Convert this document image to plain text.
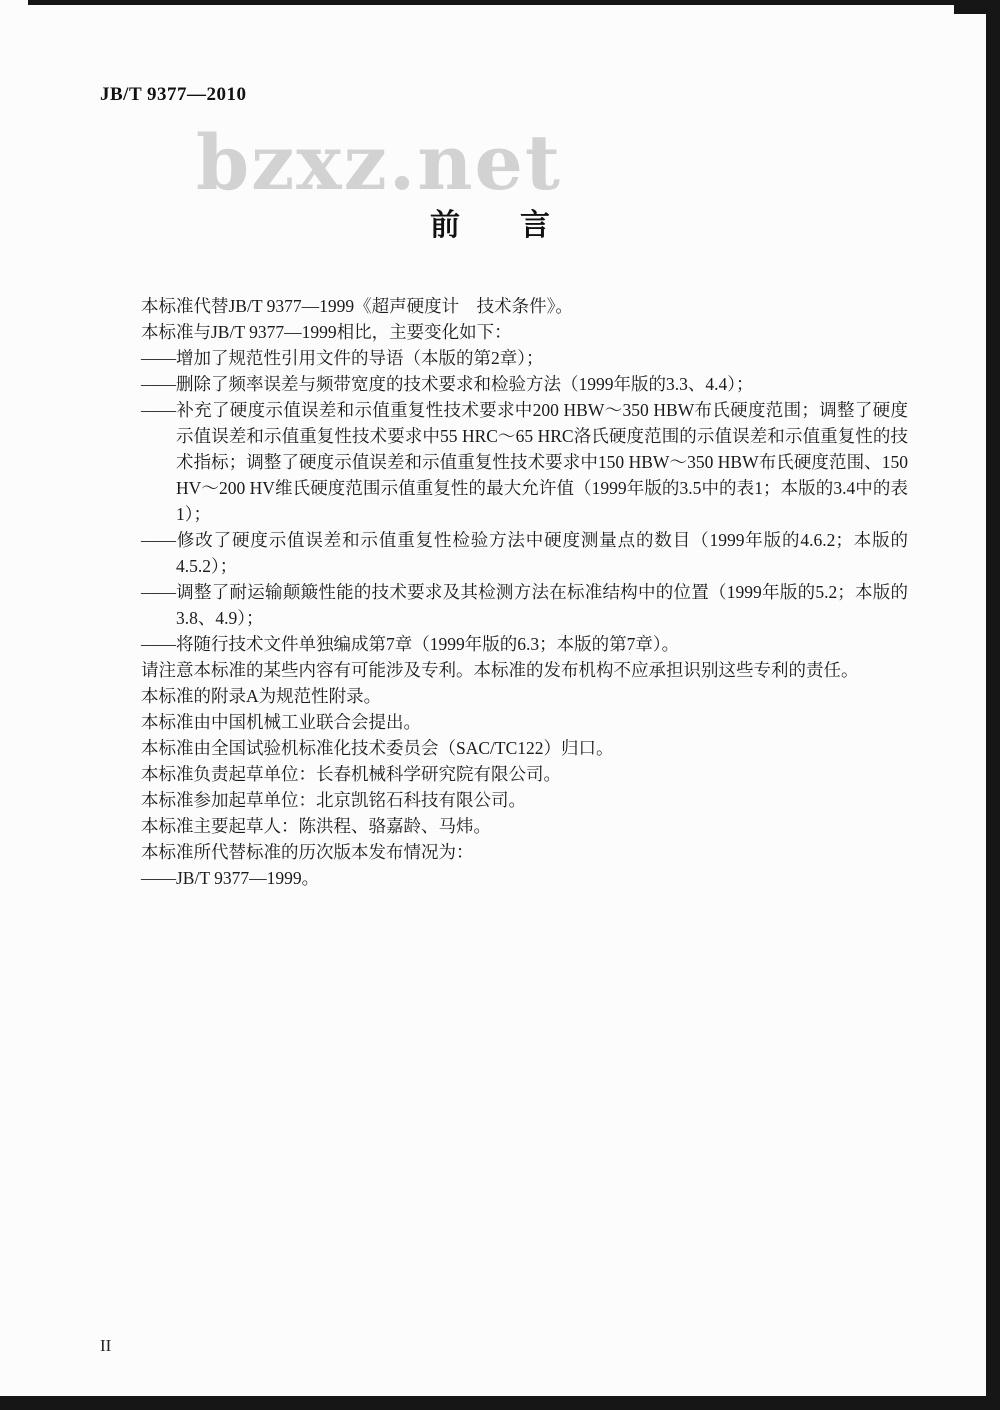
JB/T 9377—2010
bzxz.net
前　　言

本标准代替JB/T 9377—1999《超声硬度计　技术条件》。

本标准与JB/T 9377—1999相比，主要变化如下：

——增加了规范性引用文件的导语（本版的第2章）；

——删除了频率误差与频带宽度的技术要求和检验方法（1999年版的3.3、4.4）；

——补充了硬度示值误差和示值重复性技术要求中200 HBW～350 HBW布氏硬度范围；调整了硬度示值误差和示值重复性技术要求中55 HRC～65 HRC洛氏硬度范围的示值误差和示值重复性的技术指标；调整了硬度示值误差和示值重复性技术要求中150 HBW～350 HBW布氏硬度范围、150 HV～200 HV维氏硬度范围示值重复性的最大允许值（1999年版的3.5中的表1；本版的3.4中的表1）；

——修改了硬度示值误差和示值重复性检验方法中硬度测量点的数目（1999年版的4.6.2；本版的4.5.2）；

——调整了耐运输颠簸性能的技术要求及其检测方法在标准结构中的位置（1999年版的5.2；本版的3.8、4.9）；

——将随行技术文件单独编成第7章（1999年版的6.3；本版的第7章）。

请注意本标准的某些内容有可能涉及专利。本标准的发布机构不应承担识别这些专利的责任。

本标准的附录A为规范性附录。

本标准由中国机械工业联合会提出。

本标准由全国试验机标准化技术委员会（SAC/TC122）归口。

本标准负责起草单位：长春机械科学研究院有限公司。

本标准参加起草单位：北京凯铭石科技有限公司。

本标准主要起草人：陈洪程、骆嘉龄、马炜。

本标准所代替标准的历次版本发布情况为：

——JB/T 9377—1999。

II
